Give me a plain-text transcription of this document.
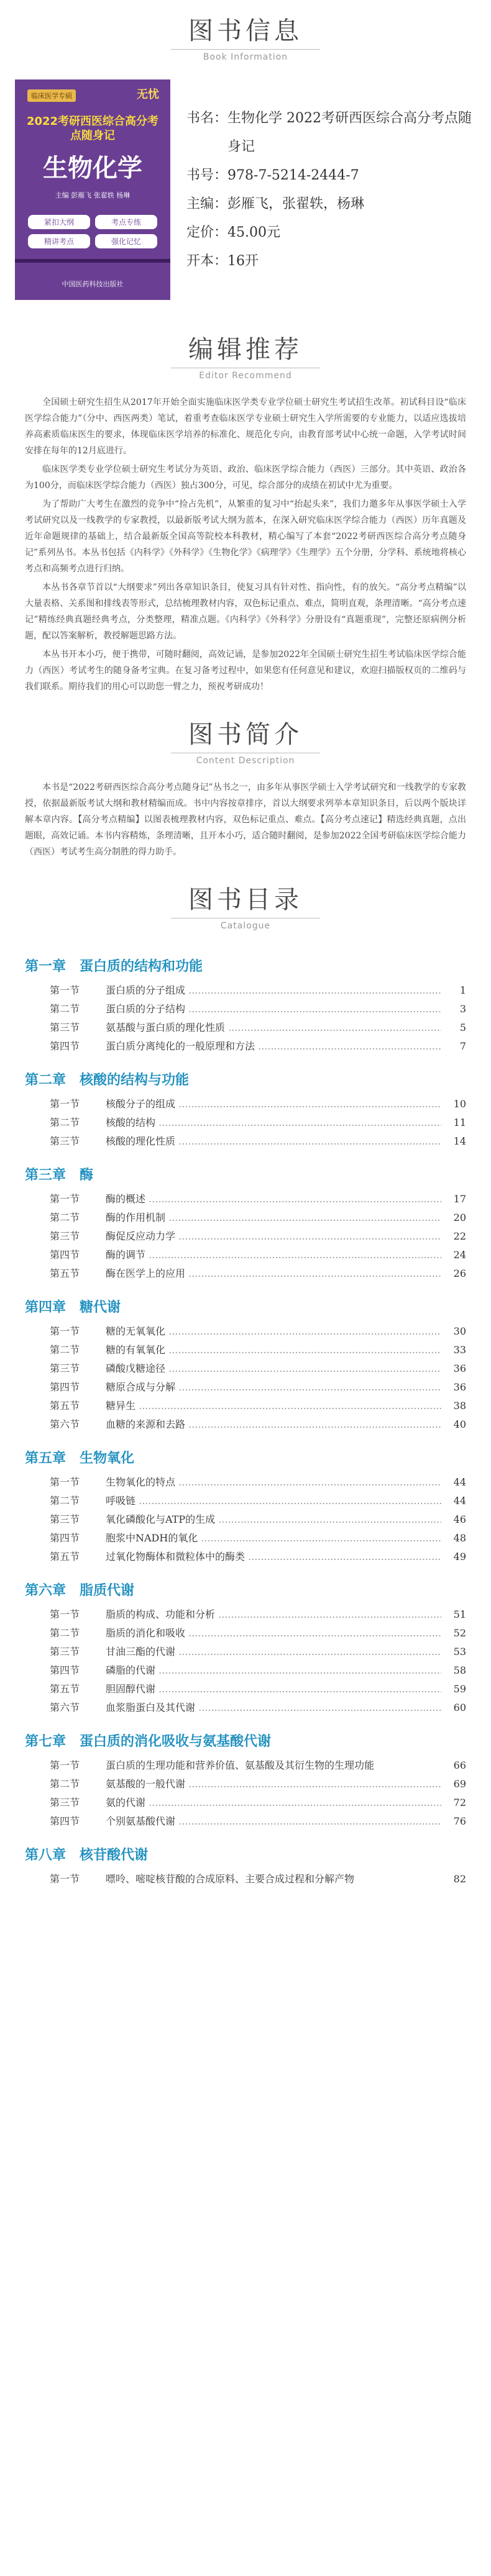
图书信息
Book Information
临床医学专硕	无忧
2022考研西医综合高分考点随身记
生物化学
主编 彭雁飞 张翟轶 杨琳
紧扣大纲	考点专练
精讲考点	强化记忆
中国医药科技出版社
书名： 生物化学 2022考研西医综合高分考点随身记
书号： 978-7-5214-2444-7
主编： 彭雁飞，张翟轶，杨琳
定价： 45.00元
开本： 16开
编辑推荐
Editor Recommend

全国硕士研究生招生从2017年开始全面实施临床医学类专业学位硕士研究生考试招生改革。初试科目设“临床医学综合能力”（分中、西医两类）笔试，着重考查临床医学专业硕士研究生入学所需要的专业能力，以适应选拔培养高素质临床医生的要求，体现临床医学培养的标准化、规范化专向，由教育部考试中心统一命题，入学考试时间安排在每年的12月底进行。

临床医学类专业学位硕士研究生考试分为英语、政治、临床医学综合能力（西医）三部分。其中英语、政治各为100分，而临床医学综合能力（西医）独占300分，可见，综合部分的成绩在初试中尤为重要。

为了帮助广大考生在激烈的竞争中“捡占先机”，从繁重的复习中“抬起头来”，我们力邀多年从事医学硕士入学考试研究以及一线教学的专家教授，以最新版考试大纲为蓝本，在深入研究临床医学综合能力（西医）历年真题及近年命题规律的基础上，结合最新版全国高等院校本科教材，精心编写了本套“2022考研西医综合高分考点随身记”系列丛书。本丛书包括《内科学》《外科学》《生物化学》《病理学》《生理学》五个分册，分学科、系统地将核心考点和高频考点进行归纳。

本丛书各章节首以“大纲要求”列出各章知识条目，使复习具有针对性、指向性，有的放矢。“高分考点精编”以大量表格、关系图和排线表等形式，总结梳理教材内容，双色标记重点、难点，简明直观，条理清晰。“高分考点速记”精练经典真题经典考点，分类整理，精准点题。《内科学》《外科学》分册设有“真题重现”，完整还原病例分析题，配以答案解析，教授解题思路方法。

本丛书开本小巧，便于携带，可随时翻阅，高效记诵，是参加2022年全国硕士研究生招生考试临床医学综合能力（西医）考试考生的随身备考宝典。在复习备考过程中，如果您有任何意见和建议，欢迎扫描版权页的二维码与我们联系。期待我们的用心可以助您一臂之力，预祝考研成功！

图书简介
Content Description

本书是“2022考研西医综合高分考点随身记”丛书之一，由多年从事医学硕士入学考试研究和一线教学的专家教授，依据最新版考试大纲和教材精编而成。书中内容按章排序，首以大纲要求列举本章知识条目，后以两个版块详解本章内容。【高分考点精编】以图表梳理教材内容，双色标记重点、难点。【高分考点速记】精选经典真题，点出题眼，高效记诵。本书内容精炼，条理清晰，且开本小巧，适合随时翻阅，是参加2022全国考研临床医学综合能力（西医）考试考生高分制胜的得力助手。

图书目录
Catalogue
第一章 蛋白质的结构和功能
第一节	蛋白质的分子组成 .....	1
第二节	蛋白质的分子结构 .....	3
第三节	氨基酸与蛋白质的理化性质 .....	5
第四节	蛋白质分离纯化的一般原理和方法 .....	7
第二章 核酸的结构与功能
第一节	核酸分子的组成 .....	10
第二节	核酸的结构 .....	11
第三节	核酸的理化性质 .....	14
第三章 酶
第一节	酶的概述 .....	17
第二节	酶的作用机制 .....	20
第三节	酶促反应动力学 .....	22
第四节	酶的调节 .....	24
第五节	酶在医学上的应用 .....	26
第四章 糖代谢
第一节	糖的无氧氧化 .....	30
第二节	糖的有氧氧化 .....	33
第三节	磷酸戊糖途径 .....	36
第四节	糖原合成与分解 .....	36
第五节	糖异生 .....	38
第六节	血糖的来源和去路 .....	40
第五章 生物氧化
第一节	生物氧化的特点 .....	44
第二节	呼吸链 .....	44
第三节	氧化磷酸化与ATP的生成 .....	46
第四节	胞浆中NADH的氧化 .....	48
第五节	过氧化物酶体和微粒体中的酶类 .....	49
第六章 脂质代谢
第一节	脂质的构成、功能和分析 .....	51
第二节	脂质的消化和吸收 .....	52
第三节	甘油三酯的代谢 .....	53
第四节	磷脂的代谢 .....	58
第五节	胆固醇代谢 .....	59
第六节	血浆脂蛋白及其代谢 .....	60
第七章 蛋白质的消化吸收与氨基酸代谢
第一节	蛋白质的生理功能和营养价值、氨基酸及其衍生物的生理功能	66
第二节	氨基酸的一般代谢 .....	69
第三节	氨的代谢 .....	72
第四节	个别氨基酸代谢 .....	76
第八章 核苷酸代谢
第一节	嘌呤、嘧啶核苷酸的合成原料、主要合成过程和分解产物	82
